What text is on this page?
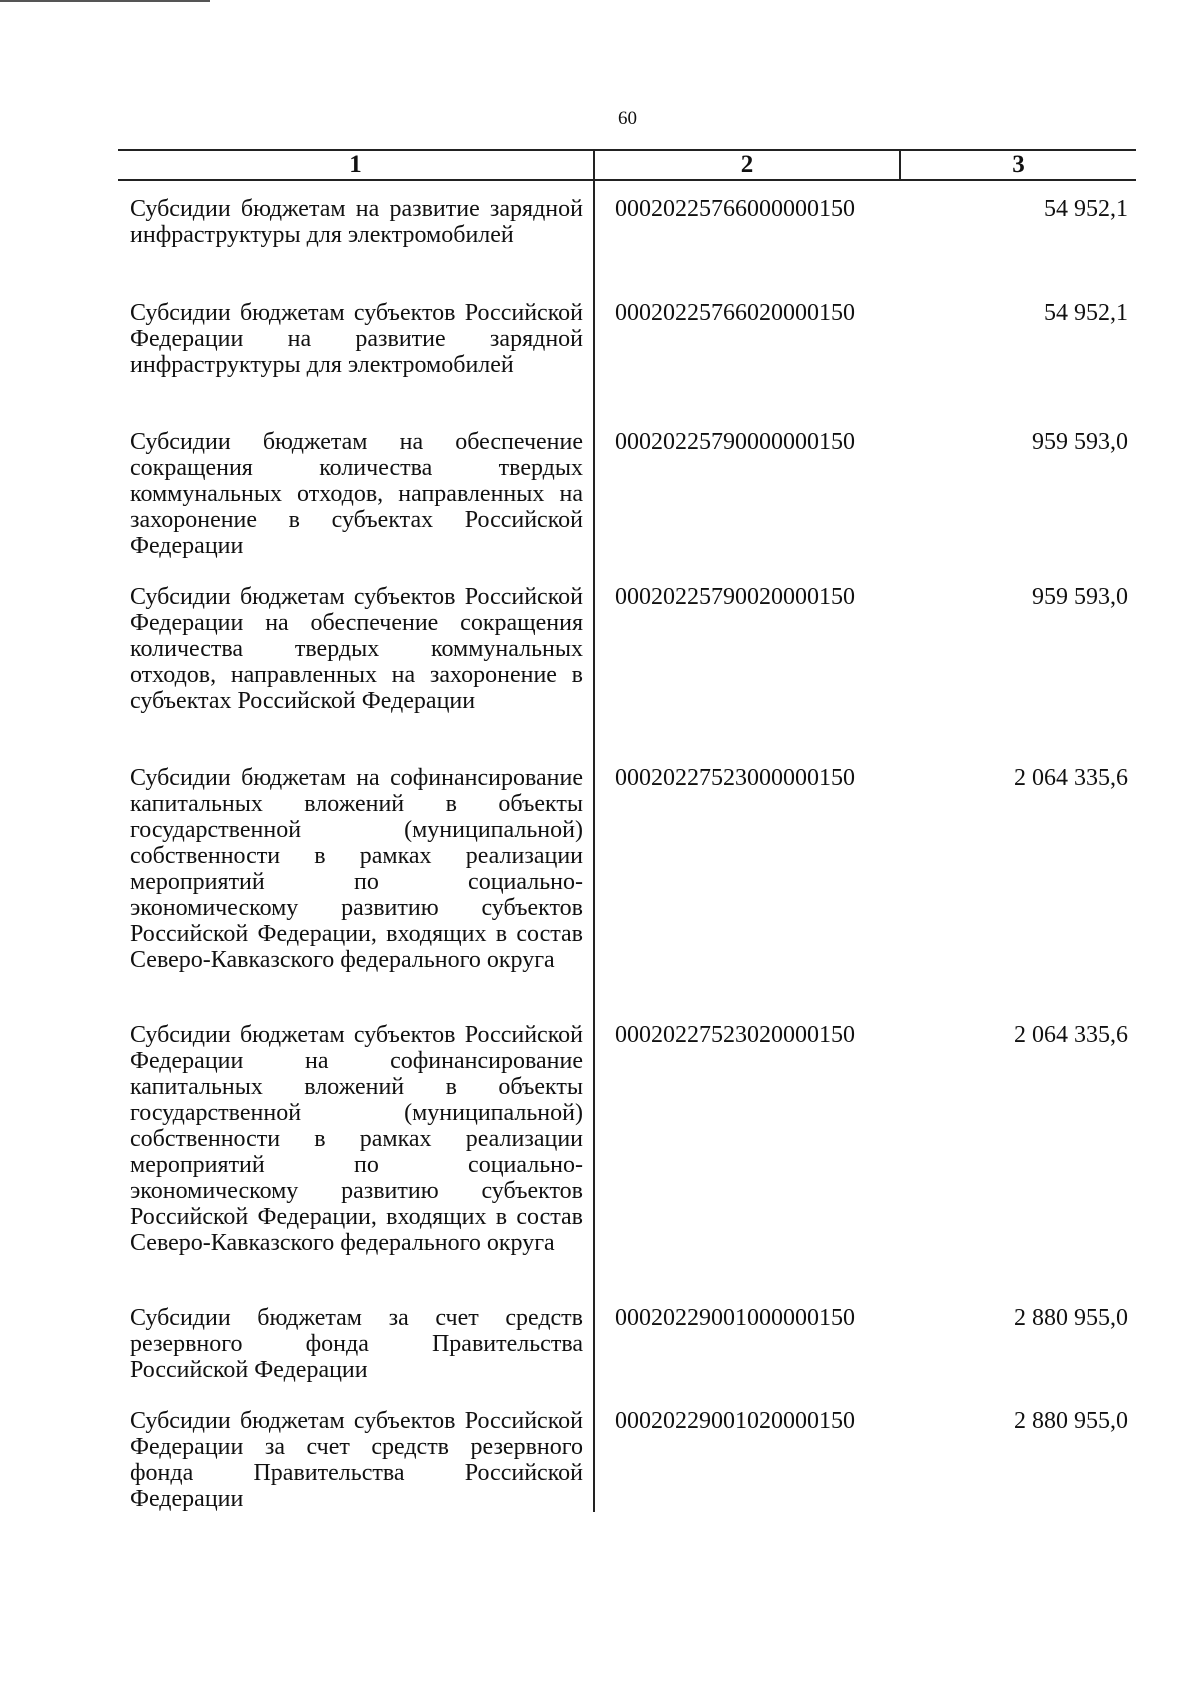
60
1	2	3
Субсидии бюджетам на развитие зарядной инфраструктуры для электромобилей	00020225766000000150	54 952,1
Субсидии бюджетам субъектов Российской Федерации на развитие зарядной инфраструктуры для электромобилей	00020225766020000150	54 952,1
Субсидии бюджетам на обеспечение сокращения количества твердых коммунальных отходов, направленных на захоронение в субъектах Российской Федерации	00020225790000000150	959 593,0
Субсидии бюджетам субъектов Российской Федерации на обеспечение сокращения количества твердых коммунальных отходов, направленных на захоронение в субъектах Российской Федерации	00020225790020000150	959 593,0
Субсидии бюджетам на софинансирование капитальных вложений в объекты государственной (муниципальной) собственности в рамках реализации мероприятий по социально-экономическому развитию субъектов Российской Федерации, входящих в состав Северо-Кавказского федерального округа	00020227523000000150	2 064 335,6
Субсидии бюджетам субъектов Российской Федерации на софинансирование капитальных вложений в объекты государственной (муниципальной) собственности в рамках реализации мероприятий по социально-экономическому развитию субъектов Российской Федерации, входящих в состав Северо-Кавказского федерального округа	00020227523020000150	2 064 335,6
Субсидии бюджетам за счет средств резервного фонда Правительства Российской Федерации	00020229001000000150	2 880 955,0
Субсидии бюджетам субъектов Российской Федерации за счет средств резервного фонда Правительства Российской Федерации	00020229001020000150	2 880 955,0
